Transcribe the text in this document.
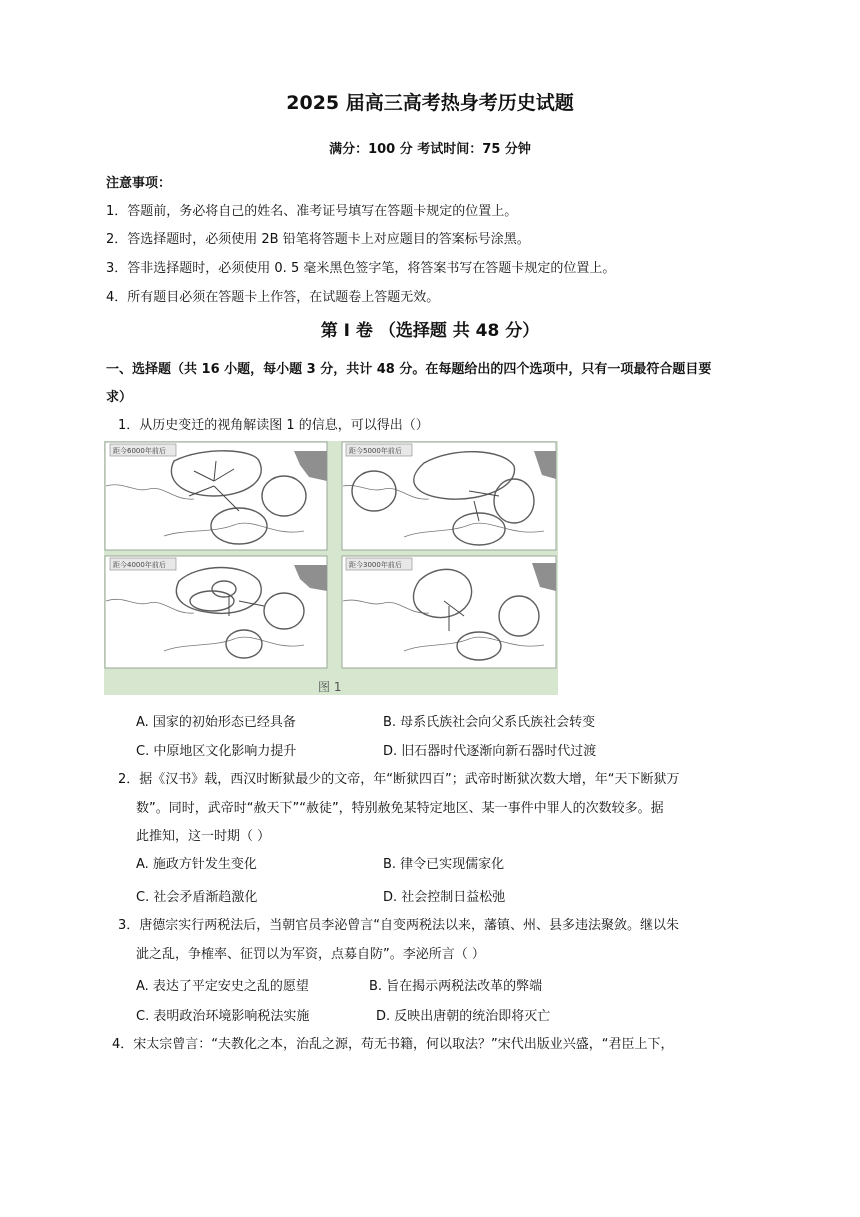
2025 届高三高考热身考历史试题
满分：100 分 考试时间：75 分钟
注意事项：
1．答题前，务必将自己的姓名、准考证号填写在答题卡规定的位置上。
2．答选择题时，必须使用 2B 铅笔将答题卡上对应题目的答案标号涂黑。
3．答非选择题时，必须使用 0. 5 毫米黑色签字笔，将答案书写在答题卡规定的位置上。
4．所有题目必须在答题卡上作答，在试题卷上答题无效。
第 I 卷 （选择题 共 48 分）
一、选择题（共 16 小题，每小题 3 分，共计 48 分。在每题给出的四个选项中，只有一项最符合题目要
求）
1．从历史变迁的视角解读图 1 的信息，可以得出（）
距今6000年前后	距今5000年前后
距今4000年前后	距今3000年前后
图 1
A. 国家的初始形态已经具备	B. 母系氏族社会向父系氏族社会转变
C. 中原地区文化影响力提升	D. 旧石器时代逐渐向新石器时代过渡
2．据《汉书》载，西汉时断狱最少的文帝，年“断狱四百”；武帝时断狱次数大增，年“天下断狱万
数”。同时，武帝时“赦天下”“赦徒”，特别赦免某特定地区、某一事件中罪人的次数较多。据
此推知，这一时期（ ）
A. 施政方针发生变化	B. 律令已实现儒家化
C. 社会矛盾渐趋激化	D. 社会控制日益松弛
3．唐德宗实行两税法后，当朝官员李泌曾言“自变两税法以来，藩镇、州、县多违法聚敛。继以朱
泚之乱，争榷率、征罚以为军资，点募自防”。李泌所言（ ）
A. 表达了平定安史之乱的愿望	B. 旨在揭示两税法改革的弊端
C. 表明政治环境影响税法实施	D. 反映出唐朝的统治即将灭亡
4．宋太宗曾言：“夫教化之本，治乱之源，苟无书籍，何以取法？”宋代出版业兴盛，“君臣上下，
